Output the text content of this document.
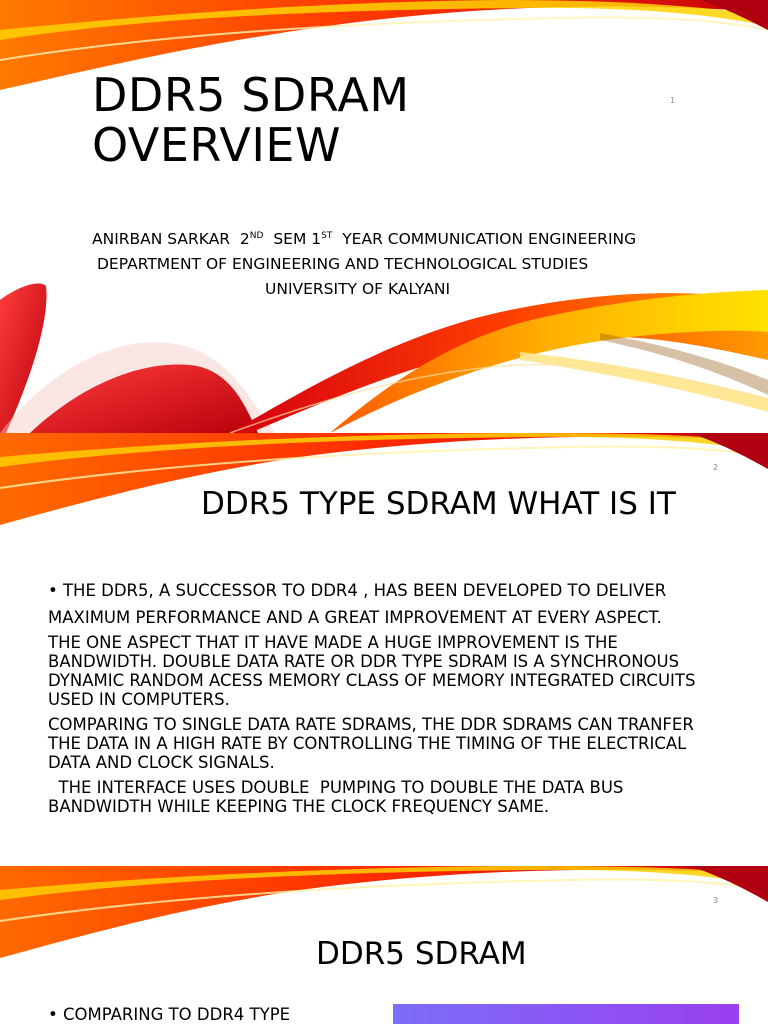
1
DDR5 SDRAM
OVERVIEW
ANIRBAN SARKAR 2ND SEM 1ST YEAR COMMUNICATION ENGINEERING
DEPARTMENT OF ENGINEERING AND TECHNOLOGICAL STUDIES
UNIVERSITY OF KALYANI
2
DDR5 TYPE SDRAM WHAT IS IT

• THE DDR5, A SUCCESSOR TO DDR4 , HAS BEEN DEVELOPED TO DELIVER MAXIMUM PERFORMANCE AND A GREAT IMPROVEMENT AT EVERY ASPECT.

THE ONE ASPECT THAT IT HAVE MADE A HUGE IMPROVEMENT IS THE BANDWIDTH. DOUBLE DATA RATE OR DDR TYPE SDRAM IS A SYNCHRONOUS DYNAMIC RANDOM ACESS MEMORY CLASS OF MEMORY INTEGRATED CIRCUITS USED IN COMPUTERS.

COMPARING TO SINGLE DATA RATE SDRAMS, THE DDR SDRAMS CAN TRANFER THE DATA IN A HIGH RATE BY CONTROLLING THE TIMING OF THE ELECTRICAL DATA AND CLOCK SIGNALS.

THE INTERFACE USES DOUBLE  PUMPING TO DOUBLE THE DATA BUS BANDWIDTH WHILE KEEPING THE CLOCK FREQUENCY SAME.

3
DDR5 SDRAM
• COMPARING TO DDR4 TYPE
